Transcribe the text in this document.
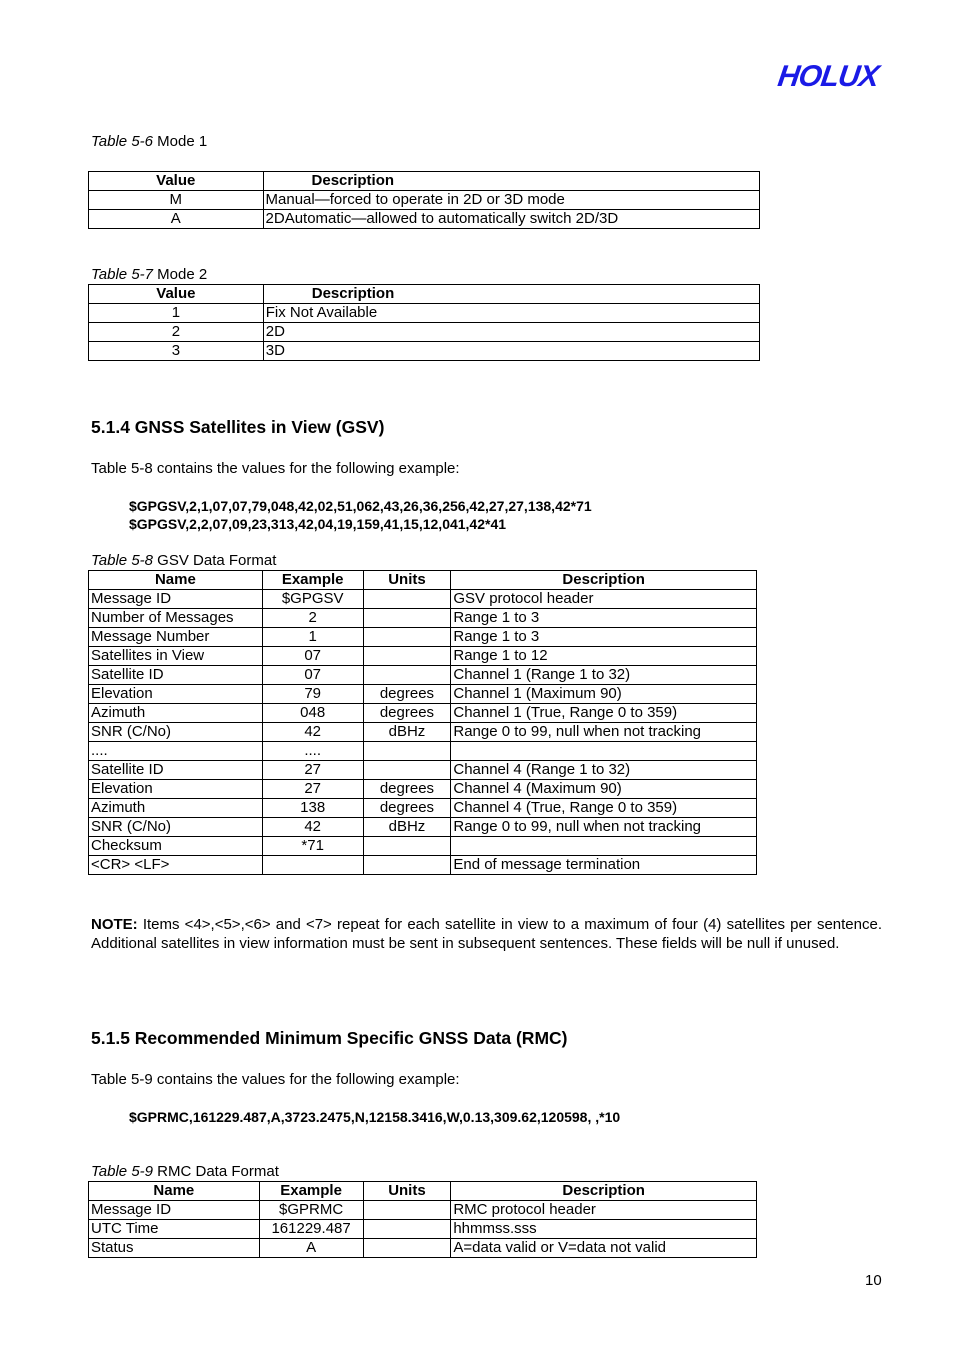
HOLUX
Table 5-6 Mode 1
Value	Description
M	Manual—forced to operate in 2D or 3D mode
A	2DAutomatic—allowed to automatically switch 2D/3D
Table 5-7 Mode 2
Value	Description
1	Fix Not Available
2	2D
3	3D
5.1.4 GNSS Satellites in View (GSV)
Table 5-8 contains the values for the following example:
$GPGSV,2,1,07,07,79,048,42,02,51,062,43,26,36,256,42,27,27,138,42*71
$GPGSV,2,2,07,09,23,313,42,04,19,159,41,15,12,041,42*41
Table 5-8 GSV Data Format
Name	Example	Units	Description
Message ID	$GPGSV		GSV protocol header
Number of Messages	2		Range 1 to 3
Message Number	1		Range 1 to 3
Satellites in View	07		Range 1 to 12
Satellite ID	07		Channel 1 (Range 1 to 32)
Elevation	79	degrees	Channel 1 (Maximum 90)
Azimuth	048	degrees	Channel 1 (True, Range 0 to 359)
SNR (C/No)	42	dBHz	Range 0 to 99, null when not tracking
....	....		
Satellite ID	27		Channel 4 (Range 1 to 32)
Elevation	27	degrees	Channel 4 (Maximum 90)
Azimuth	138	degrees	Channel 4 (True, Range 0 to 359)
SNR (C/No)	42	dBHz	Range 0 to 99, null when not tracking
Checksum	*71		
<CR> <LF>			End of message termination
NOTE: Items <4>,<5>,<6> and <7> repeat for each satellite in view to a maximum of four (4) satellites per sentence. Additional satellites in view information must be sent in subsequent sentences. These fields will be null if unused.
5.1.5 Recommended Minimum Specific GNSS Data (RMC)
Table 5-9 contains the values for the following example:
$GPRMC,161229.487,A,3723.2475,N,12158.3416,W,0.13,309.62,120598, ,*10
Table 5-9 RMC Data Format
Name	Example	Units	Description
Message ID	$GPRMC		RMC protocol header
UTC Time	161229.487		hhmmss.sss
Status	A		A=data valid or V=data not valid
10
